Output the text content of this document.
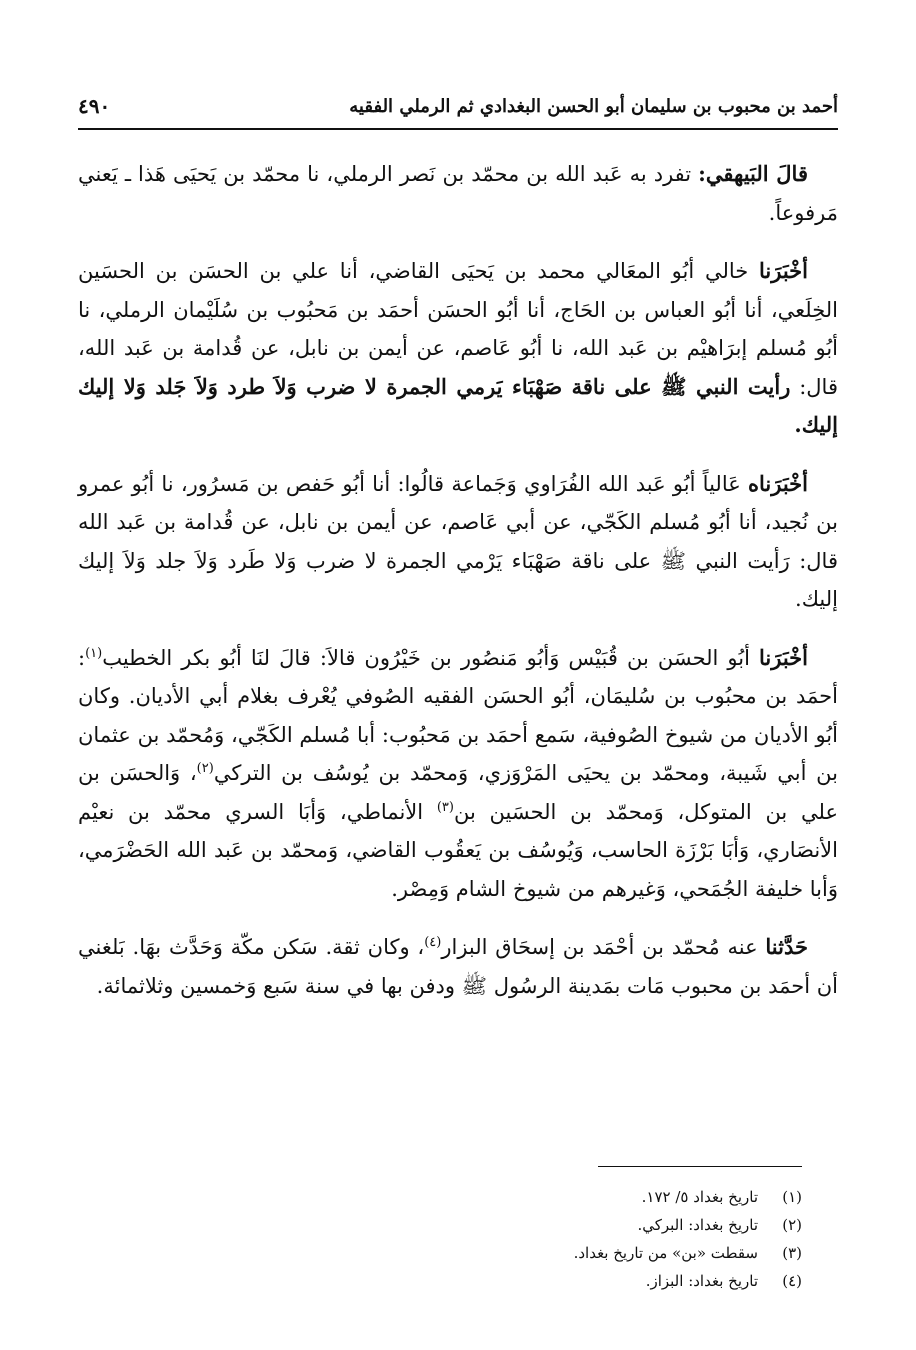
أحمد بن محبوب بن سليمان أبو الحسن البغدادي ثم الرملي الفقيه
٤٩٠

قالَ البَيهقي: تفرد به عَبد الله بن محمّد بن نَصر الرملي، نا محمّد بن يَحيَى هَذا ـ يَعني مَرفوعاً.

أخْبَرَنا خالي أبُو المعَالي محمد بن يَحيَى القاضي، أنا علي بن الحسَن بن الحسَين الخِلَعي، أنا أبُو العباس بن الحَاج، أنا أبُو الحسَن أحمَد بن مَحبُوب بن سُلَيْمان الرملي، نا أبُو مُسلم إبرَاهيْم بن عَبد الله، نا أبُو عَاصم، عن أيمن بن نابل، عن قُدامة بن عَبد الله، قال: رأيت النبي ﷺ على ناقة صَهْبَاء يَرمي الجمرة لا ضرب وَلاَ طرد وَلاَ جَلد وَلا إليك إليك.

أخْبَرَناه عَالياً أبُو عَبد الله الفُرَاوي وَجَماعة قالُوا: أنا أبُو حَفص بن مَسرُور، نا أبُو عمرو بن نُجيد، أنا أبُو مُسلم الكَجّي، عن أبي عَاصم، عن أيمن بن نابل، عن قُدامة بن عَبد الله قال: رَأيت النبي ﷺ على ناقة صَهْبَاء يَرْمي الجمرة لا ضرب وَلا طَرد وَلاَ جلد وَلاَ إليك إليك.

أخْبَرَنا أبُو الحسَن بن قُبَيْس وَأبُو مَنصُور بن خَيْرُون قالاَ: قالَ لنَا أبُو بكر الخطيب$^{(١)}$: أحمَد بن محبُوب بن سُليمَان، أبُو الحسَن الفقيه الصُوفي يُعْرف بغلام أبي الأديان. وكان أبُو الأديان من شيوخ الصُوفية، سَمع أحمَد بن مَحبُوب: أبا مُسلم الكَجّي، وَمُحمّد بن عثمان بن أبي شَيبة، ومحمّد بن يحيَى المَرْوَزي، وَمحمّد بن يُوسُف بن التركي$^{(٢)}$، وَالحسَن بن علي بن المتوكل، وَمحمّد بن الحسَين بن$^{(٣)}$ الأنماطي، وَأبَا السري محمّد بن نعيْم الأنصَاري، وَأبَا بَرْزَة الحاسب، وَيُوسُف بن يَعقُوب القاضي، وَمحمّد بن عَبد الله الحَضْرَمي، وَأبا خليفة الجُمَحي، وَغيرهم من شيوخ الشام وَمِصْر.

حَدَّثنا عنه مُحمّد بن أحْمَد بن إسحَاق البزار$^{(٤)}$، وكان ثقة. سَكن مكّة وَحَدَّث بهَا. بَلغني أن أحمَد بن محبوب مَات بمَدينة الرسُول ﷺ ودفن بها في سنة سَبع وَخمسين وثلاثمائة.

(١)تاريخ بغداد ٥/ ١٧٢.
(٢)تاريخ بغداد: البركي.
(٣)سقطت «بن» من تاريخ بغداد.
(٤)تاريخ بغداد: البزاز.
